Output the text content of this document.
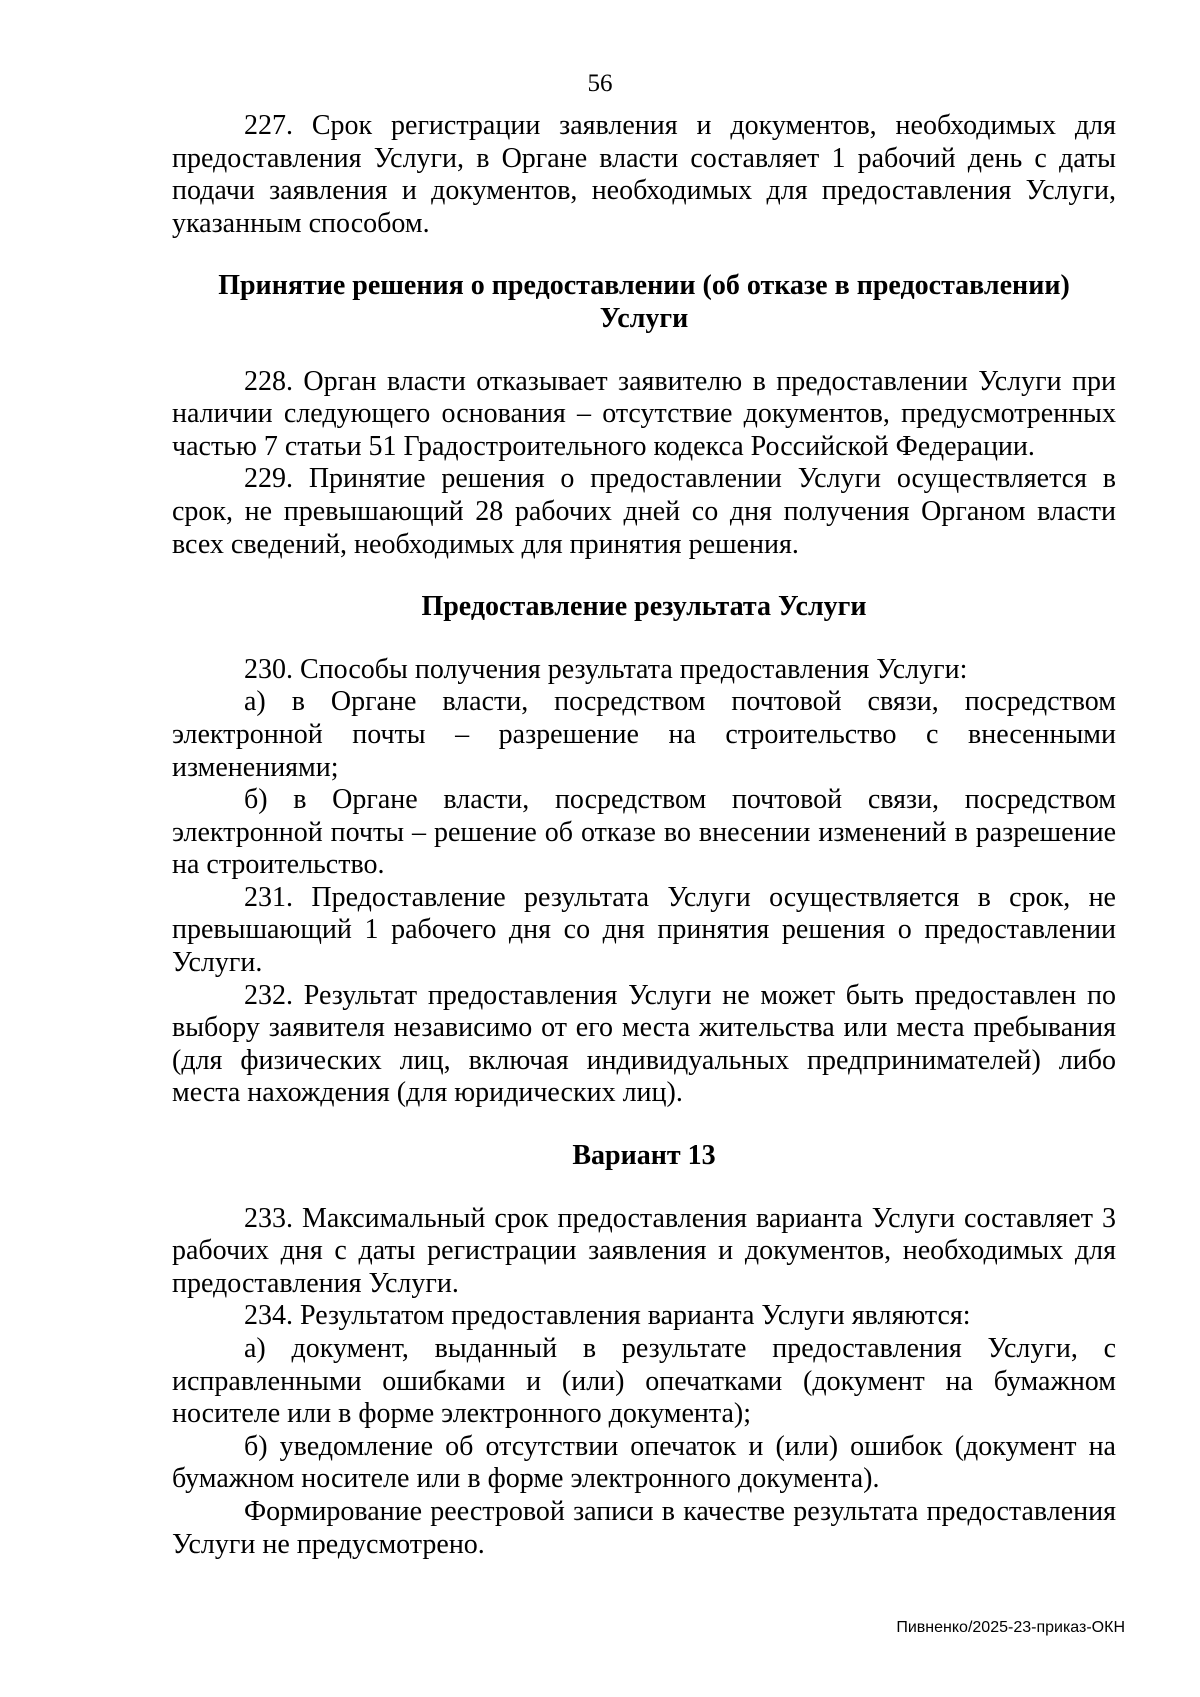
56

227. Срок регистрации заявления и документов, необходимых для предоставления Услуги, в Органе власти составляет 1 рабочий день с даты подачи заявления и документов, необходимых для предоставления Услуги, указанным способом.

Принятие решения о предоставлении (об отказе в предоставлении) Услуги

228. Орган власти отказывает заявителю в предоставлении Услуги при наличии следующего основания – отсутствие документов, предусмотренных частью 7 статьи 51 Градостроительного кодекса Российской Федерации.

229. Принятие решения о предоставлении Услуги осуществляется в срок, не превышающий 28 рабочих дней со дня получения Органом власти всех сведений, необходимых для принятия решения.

Предоставление результата Услуги

230. Способы получения результата предоставления Услуги:

а) в Органе власти, посредством почтовой связи, посредством электронной почты – разрешение на строительство с внесенными изменениями;

б) в Органе власти, посредством почтовой связи, посредством электронной почты – решение об отказе во внесении изменений в разрешение на строительство.

231. Предоставление результата Услуги осуществляется в срок, не превышающий 1 рабочего дня со дня принятия решения о предоставлении Услуги.

232. Результат предоставления Услуги не может быть предоставлен по выбору заявителя независимо от его места жительства или места пребывания (для физических лиц, включая индивидуальных предпринимателей) либо места нахождения (для юридических лиц).

Вариант 13

233. Максимальный срок предоставления варианта Услуги составляет 3 рабочих дня с даты регистрации заявления и документов, необходимых для предоставления Услуги.

234. Результатом предоставления варианта Услуги являются:

а) документ, выданный в результате предоставления Услуги, с исправленными ошибками и (или) опечатками (документ на бумажном носителе или в форме электронного документа);

б) уведомление об отсутствии опечаток и (или) ошибок (документ на бумажном носителе или в форме электронного документа).

Формирование реестровой записи в качестве результата предоставления Услуги не предусмотрено.

Пивненко/2025-23-приказ-ОКН
